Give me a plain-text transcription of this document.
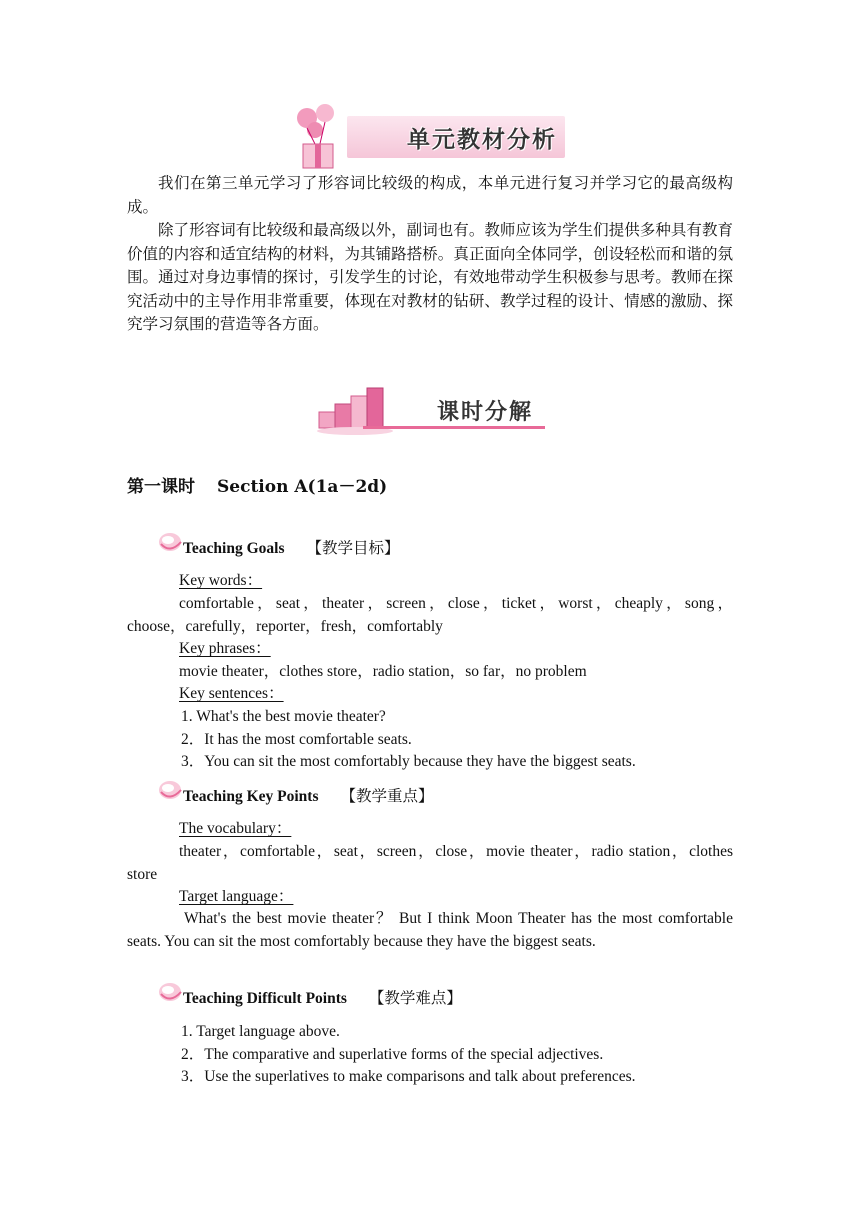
单元教材分析

我们在第三单元学习了形容词比较级的构成，本单元进行复习并学习它的最高级构成。

除了形容词有比较级和最高级以外，副词也有。教师应该为学生们提供多种具有教育价值的内容和适宜结构的材料，为其铺路搭桥。真正面向全体同学，创设轻松而和谐的氛围。通过对身边事情的探讨，引发学生的讨论，有效地带动学生积极参与思考。教师在探究活动中的主导作用非常重要，体现在对教材的钻研、教学过程的设计、情感的激励、探究学习氛围的营造等各方面。

课时分解
第一课时 Section A(1a－2d)
Teaching Goals 【教学目标】
Key words：

comfortable，seat，theater，screen，close，ticket，worst，cheaply，song，choose，carefully，reporter，fresh，comfortably

Key phrases：
movie theater，clothes store，radio station，so far，no problem
Key sentences：
1. What's the best movie theater?
2．It has the most comfortable seats.
3．You can sit the most comfortably because they have the biggest seats.
Teaching Key Points 【教学重点】
The vocabulary：

theater，comfortable，seat，screen，close，movie theater，radio station，clothes store

Target language：

What's the best movie theater？ But I think Moon Theater has the most comfortable seats. You can sit the most comfortably because they have the biggest seats.

Teaching Difficult Points 【教学难点】
1. Target language above.
2．The comparative and superlative forms of the special adjectives.
3．Use the superlatives to make comparisons and talk about preferences.
